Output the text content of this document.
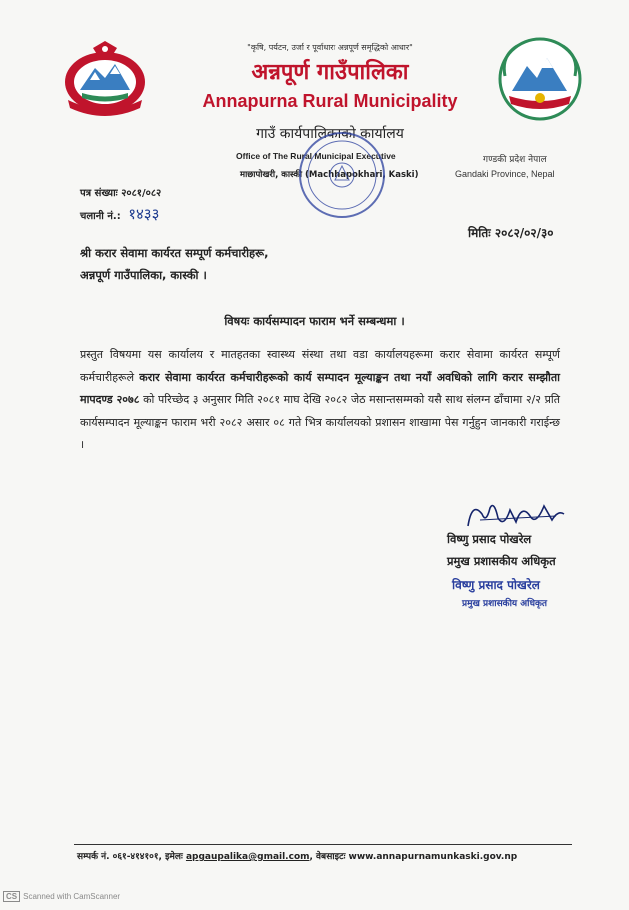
"कृषि, पर्यटन, उर्जा र पूर्वाधारः अन्नपूर्ण समृद्धिको आधार"
अन्नपूर्ण गाउँपालिका
Annapurna Rural Municipality
गाउँ कार्यपालिकाको कार्यालय
Office of The Rural Municipal Executive
माछापोखरी, कास्की (Machhapokhari, Kaski)
गण्डकी प्रदेश नेपाल
Gandaki Province, Nepal
पत्र संख्याः २०८१/०८२
चलानी नं.: १४३३
मितिः २०८२/०२/३०
श्री करार सेवामा कार्यरत सम्पूर्ण कर्मचारीहरू,
अन्नपूर्ण गाउँपालिका, कास्की ।
विषयः कार्यसम्पादन फाराम भर्ने सम्बन्धमा ।
प्रस्तुत विषयमा यस कार्यालय र मातहतका स्वास्थ्य संस्था तथा वडा कार्यालयहरूमा करार सेवामा कार्यरत सम्पूर्ण कर्मचारीहरूले करार सेवामा कार्यरत कर्मचारीहरूको कार्य सम्पादन मूल्याङ्कन तथा नयाँ अवधिको लागि करार सम्झौता मापदण्ड २०७८ को परिच्छेद ३ अनुसार मिति २०८१ माघ देखि २०८२ जेठ मसान्तसम्मको यसै साथ संलग्न ढाँचामा २/२ प्रति कार्यसम्पादन मूल्याङ्कन फाराम भरी २०८२ असार ०८ गते भित्र कार्यालयको प्रशासन शाखामा पेस गर्नुहुन जानकारी गराईन्छ ।
विष्णु प्रसाद पोखरेल
प्रमुख प्रशासकीय अधिकृत
विष्णु प्रसाद पोखरेल
प्रमुख प्रशासकीय अधिकृत
सम्पर्क नं. ०६१-४१४१०१, इमेलः apgaupalika@gmail.com, वेबसाइटः www.annapurnamunkaski.gov.np
CS Scanned with CamScanner
